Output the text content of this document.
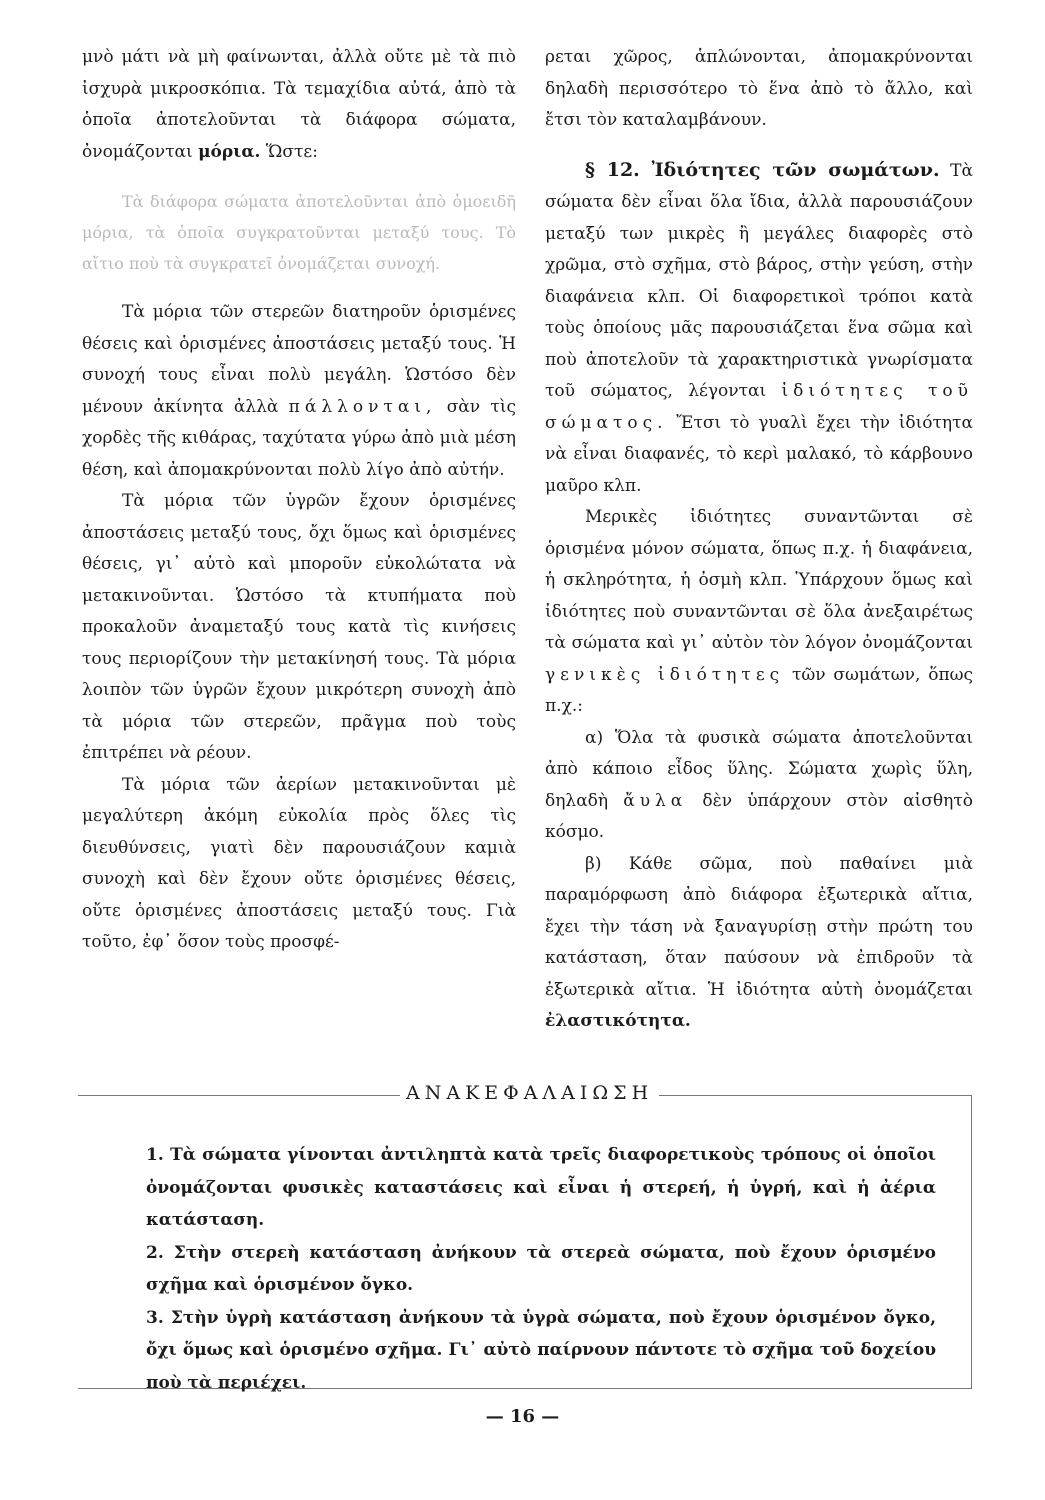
μνὸ μάτι νὰ μὴ φαίνωνται, ἀλλὰ οὔτε μὲ τὰ πιὸ ἰσχυρὰ μικροσκόπια. Τὰ τεμαχίδια αὐτά, ἀπὸ τὰ ὁποῖα ἀποτελοῦνται τὰ διάφορα σώματα, ὀνομάζονται μόρια. Ὥστε:

Τὰ διάφορα σώματα ἀποτελοῦνται ἀπὸ ὁμοειδῆ μόρια, τὰ ὁποῖα συγκρατοῦνται μεταξύ τους. Τὸ αἴτιο ποὺ τὰ συγκρατεῖ ὀνομάζεται συνοχή.

Τὰ μόρια τῶν στερεῶν διατηροῦν ὁρισμένες θέσεις καὶ ὁρισμένες ἀποστάσεις μεταξύ τους. Ἡ συνοχή τους εἶναι πολὺ μεγάλη. Ὡστόσο δὲν μένουν ἀκίνητα ἀλλὰ πάλλονται, σὰν τὶς χορδὲς τῆς κιθάρας, ταχύτατα γύρω ἀπὸ μιὰ μέση θέση, καὶ ἀπομακρύνονται πολὺ λίγο ἀπὸ αὐτήν.

Τὰ μόρια τῶν ὑγρῶν ἔχουν ὁρισμένες ἀποστάσεις μεταξύ τους, ὄχι ὅμως καὶ ὁρισμένες θέσεις, γι᾿ αὐτὸ καὶ μποροῦν εὐκολώτατα νὰ μετακινοῦνται. Ὡστόσο τὰ κτυπήματα ποὺ προκαλοῦν ἀναμεταξύ τους κατὰ τὶς κινήσεις τους περιορίζουν τὴν μετακίνησή τους. Τὰ μόρια λοιπὸν τῶν ὑγρῶν ἔχουν μικρότερη συνοχὴ ἀπὸ τὰ μόρια τῶν στερεῶν, πρᾶγμα ποὺ τοὺς ἐπιτρέπει νὰ ρέουν.

Τὰ μόρια τῶν ἀερίων μετακινοῦνται μὲ μεγαλύτερη ἀκόμη εὐκολία πρὸς ὅλες τὶς διευθύνσεις, γιατὶ δὲν παρουσιάζουν καμιὰ συνοχὴ καὶ δὲν ἔχουν οὔτε ὁρισμένες θέσεις, οὔτε ὁρισμένες ἀποστάσεις μεταξύ τους. Γιὰ τοῦτο, ἐφ᾿ ὅσον τοὺς προσφέ-

ρεται χῶρος, ἁπλώνονται, ἀπομακρύνονται δηλαδὴ περισσότερο τὸ ἕνα ἀπὸ τὸ ἄλλο, καὶ ἔτσι τὸν καταλαμβάνουν.

§ 12. Ἰδιότητες τῶν σωμάτων. Τὰ σώματα δὲν εἶναι ὅλα ἴδια, ἀλλὰ παρουσιάζουν μεταξύ των μικρὲς ἢ μεγάλες διαφορὲς στὸ χρῶμα, στὸ σχῆμα, στὸ βάρος, στὴν γεύση, στὴν διαφάνεια κλπ. Οἱ διαφορετικοὶ τρόποι κατὰ τοὺς ὁποίους μᾶς παρουσιάζεται ἕνα σῶμα καὶ ποὺ ἀποτελοῦν τὰ χαρακτηριστικὰ γνωρίσματα τοῦ σώματος, λέγονται ἰδιότητες τοῦ σώματος. Ἔτσι τὸ γυαλὶ ἔχει τὴν ἰδιότητα νὰ εἶναι διαφανές, τὸ κερὶ μαλακό, τὸ κάρβουνο μαῦρο κλπ.

Μερικὲς ἰδιότητες συναντῶνται σὲ ὁρισμένα μόνον σώματα, ὅπως π.χ. ἡ διαφάνεια, ἡ σκληρότητα, ἡ ὀσμὴ κλπ. Ὑπάρχουν ὅμως καὶ ἰδιότητες ποὺ συναντῶνται σὲ ὅλα ἀνεξαιρέτως τὰ σώματα καὶ γι᾿ αὐτὸν τὸν λόγον ὀνομάζονται γενικὲς ἰδιότητες τῶν σωμάτων, ὅπως π.χ.:

α) Ὅλα τὰ φυσικὰ σώματα ἀποτελοῦνται ἀπὸ κάποιο εἶδος ὕλης. Σώματα χωρὶς ὕλη, δηλαδὴ ἄυλα δὲν ὑπάρχουν στὸν αἰσθητὸ κόσμο.

β) Κάθε σῶμα, ποὺ παθαίνει μιὰ παραμόρφωση ἀπὸ διάφορα ἐξωτερικὰ αἴτια, ἔχει τὴν τάση νὰ ξαναγυρίσῃ στὴν πρώτη του κατάσταση, ὅταν παύσουν νὰ ἐπιδροῦν τὰ ἐξωτερικὰ αἴτια. Ἡ ἰδιότητα αὐτὴ ὀνομάζεται ἐλαστικότητα.

ΑΝΑΚΕΦΑΛΑΙΩΣΗ

1. Τὰ σώματα γίνονται ἀντιληπτὰ κατὰ τρεῖς διαφορετικοὺς τρόπους οἱ ὁποῖοι ὀνομάζονται φυσικὲς καταστάσεις καὶ εἶναι ἡ στερεή, ἡ ὑγρή, καὶ ἡ ἀέρια κατάσταση.

2. Στὴν στερεὴ κατάσταση ἀνήκουν τὰ στερεὰ σώματα, ποὺ ἔχουν ὁρισμένο σχῆμα καὶ ὁρισμένον ὄγκο.

3. Στὴν ὑγρὴ κατάσταση ἀνήκουν τὰ ὑγρὰ σώματα, ποὺ ἔχουν ὁρισμένον ὄγκο, ὄχι ὅμως καὶ ὁρισμένο σχῆμα. Γι᾿ αὐτὸ παίρνουν πάντοτε τὸ σχῆμα τοῦ δοχείου ποὺ τὰ περιέχει.

— 16 —
